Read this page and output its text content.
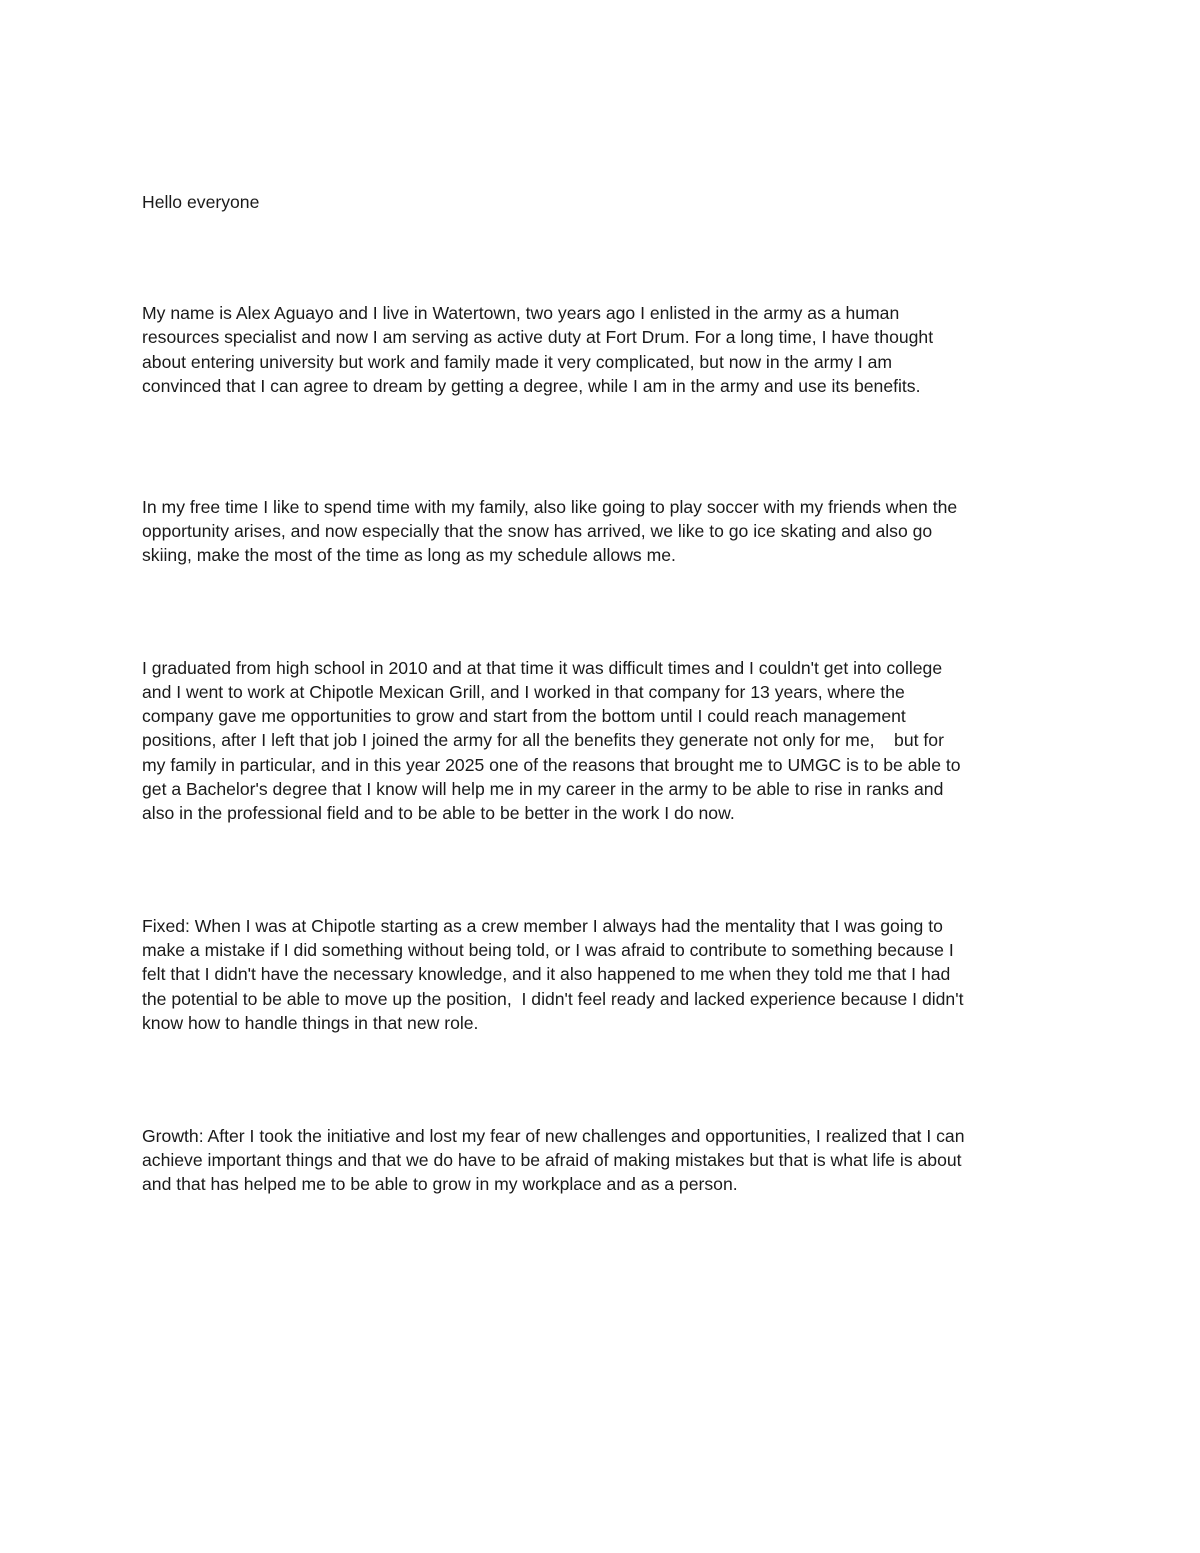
Hello everyone

My name is Alex Aguayo and I live in Watertown, two years ago I enlisted in the army as a human
resources specialist and now I am serving as active duty at Fort Drum. For a long time, I have thought
about entering university but work and family made it very complicated, but now in the army I am
convinced that I can agree to dream by getting a degree, while I am in the army and use its benefits.

In my free time I like to spend time with my family, also like going to play soccer with my friends when the
opportunity arises, and now especially that the snow has arrived, we like to go ice skating and also go
skiing, make the most of the time as long as my schedule allows me.

I graduated from high school in 2010 and at that time it was difficult times and I couldn't get into college
and I went to work at Chipotle Mexican Grill, and I worked in that company for 13 years, where the
company gave me opportunities to grow and start from the bottom until I could reach management
positions, after I left that job I joined the army for all the benefits they generate not only for me,    but for
my family in particular, and in this year 2025 one of the reasons that brought me to UMGC is to be able to
get a Bachelor's degree that I know will help me in my career in the army to be able to rise in ranks and
also in the professional field and to be able to be better in the work I do now.

Fixed: When I was at Chipotle starting as a crew member I always had the mentality that I was going to
make a mistake if I did something without being told, or I was afraid to contribute to something because I
felt that I didn't have the necessary knowledge, and it also happened to me when they told me that I had
the potential to be able to move up the position,  I didn't feel ready and lacked experience because I didn't
know how to handle things in that new role.

Growth: After I took the initiative and lost my fear of new challenges and opportunities, I realized that I can
achieve important things and that we do have to be afraid of making mistakes but that is what life is about
and that has helped me to be able to grow in my workplace and as a person.
